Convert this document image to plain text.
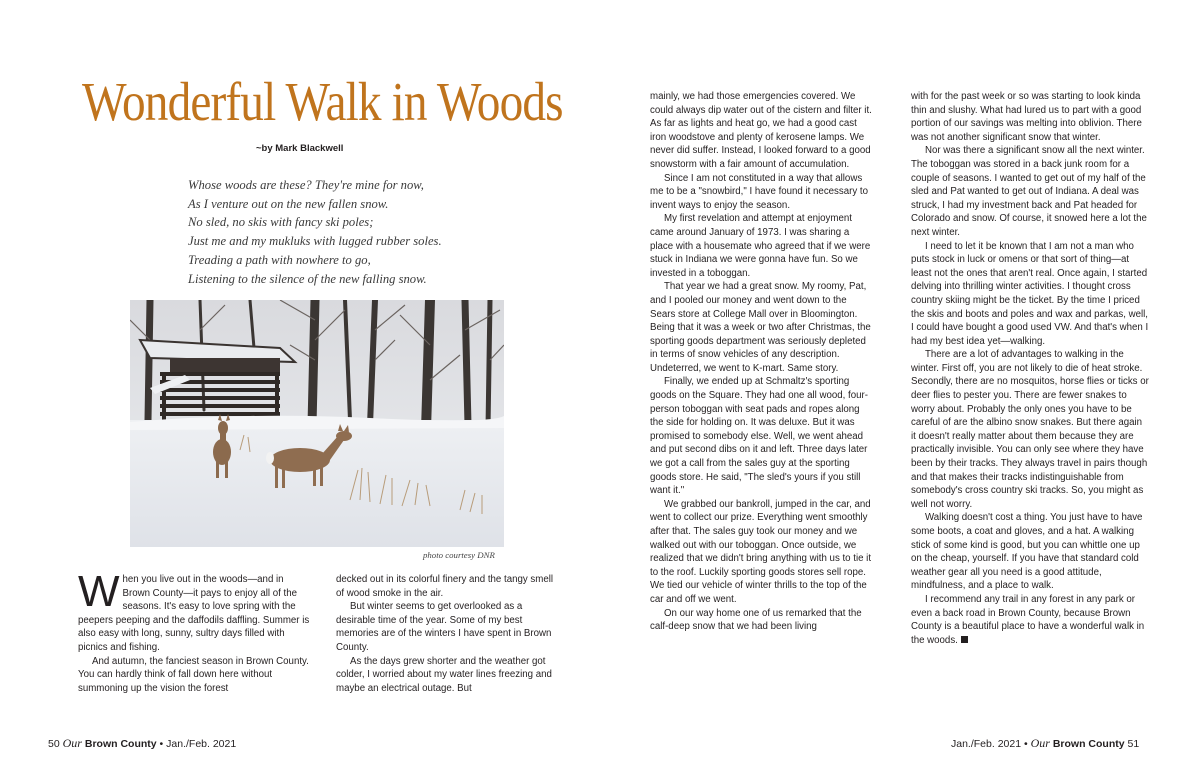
Wonderful Walk in Woods
~by Mark Blackwell
Whose woods are these? They're mine for now,
As I venture out on the new fallen snow.
No sled, no skis with fancy ski poles;
Just me and my mukluks with lugged rubber soles.
Treading a path with nowhere to go,
Listening to the silence of the new falling snow.
photo courtesy DNR

When you live out in the woods—and in Brown County—it pays to enjoy all of the seasons. It's easy to love spring with the peepers peeping and the daffodils daffling. Summer is also easy with long, sunny, sultry days filled with picnics and fishing.

And autumn, the fanciest season in Brown County. You can hardly think of fall down here without summoning up the vision the forest

decked out in its colorful finery and the tangy smell of wood smoke in the air.

But winter seems to get overlooked as a desirable time of the year. Some of my best memories are of the winters I have spent in Brown County.

As the days grew shorter and the weather got colder, I worried about my water lines freezing and maybe an electrical outage. But

mainly, we had those emergencies covered. We could always dip water out of the cistern and filter it. As far as lights and heat go, we had a good cast iron woodstove and plenty of kerosene lamps. We never did suffer. Instead, I looked forward to a good snowstorm with a fair amount of accumulation.

Since I am not constituted in a way that allows me to be a "snowbird," I have found it necessary to invent ways to enjoy the season.

My first revelation and attempt at enjoyment came around January of 1973. I was sharing a place with a housemate who agreed that if we were stuck in Indiana we were gonna have fun. So we invested in a toboggan.

That year we had a great snow. My roomy, Pat, and I pooled our money and went down to the Sears store at College Mall over in Bloomington. Being that it was a week or two after Christmas, the sporting goods department was seriously depleted in terms of snow vehicles of any description. Undeterred, we went to K-mart. Same story.

Finally, we ended up at Schmaltz's sporting goods on the Square. They had one all wood, four-person toboggan with seat pads and ropes along the side for holding on. It was deluxe. But it was promised to somebody else. Well, we went ahead and put second dibs on it and left. Three days later we got a call from the sales guy at the sporting goods store. He said, "The sled's yours if you still want it."

We grabbed our bankroll, jumped in the car, and went to collect our prize. Everything went smoothly after that. The sales guy took our money and we walked out with our toboggan. Once outside, we realized that we didn't bring anything with us to tie it to the roof. Luckily sporting goods stores sell rope. We tied our vehicle of winter thrills to the top of the car and off we went.

On our way home one of us remarked that the calf-deep snow that we had been living

with for the past week or so was starting to look kinda thin and slushy. What had lured us to part with a good portion of our savings was melting into oblivion. There was not another significant snow that winter.

Nor was there a significant snow all the next winter. The toboggan was stored in a back junk room for a couple of seasons. I wanted to get out of my half of the sled and Pat wanted to get out of Indiana. A deal was struck, I had my investment back and Pat headed for Colorado and snow. Of course, it snowed here a lot the next winter.

I need to let it be known that I am not a man who puts stock in luck or omens or that sort of thing—at least not the ones that aren't real. Once again, I started delving into thrilling winter activities. I thought cross country skiing might be the ticket. By the time I priced the skis and boots and poles and wax and parkas, well, I could have bought a good used VW. And that's when I had my best idea yet—walking.

There are a lot of advantages to walking in the winter. First off, you are not likely to die of heat stroke. Secondly, there are no mosquitos, horse flies or ticks or deer flies to pester you. There are fewer snakes to worry about. Probably the only ones you have to be careful of are the albino snow snakes. But there again it doesn't really matter about them because they are practically invisible. You can only see where they have been by their tracks. They always travel in pairs though and that makes their tracks indistinguishable from somebody's cross country ski tracks. So, you might as well not worry.

Walking doesn't cost a thing. You just have to have some boots, a coat and gloves, and a hat. A walking stick of some kind is good, but you can whittle one up on the cheap, yourself. If you have that standard cold weather gear all you need is a good attitude, mindfulness, and a place to walk.

I recommend any trail in any forest in any park or even a back road in Brown County, because Brown County is a beautiful place to have a wonderful walk in the woods.

50 Our Brown County • Jan./Feb. 2021	Jan./Feb. 2021 • Our Brown County 51
